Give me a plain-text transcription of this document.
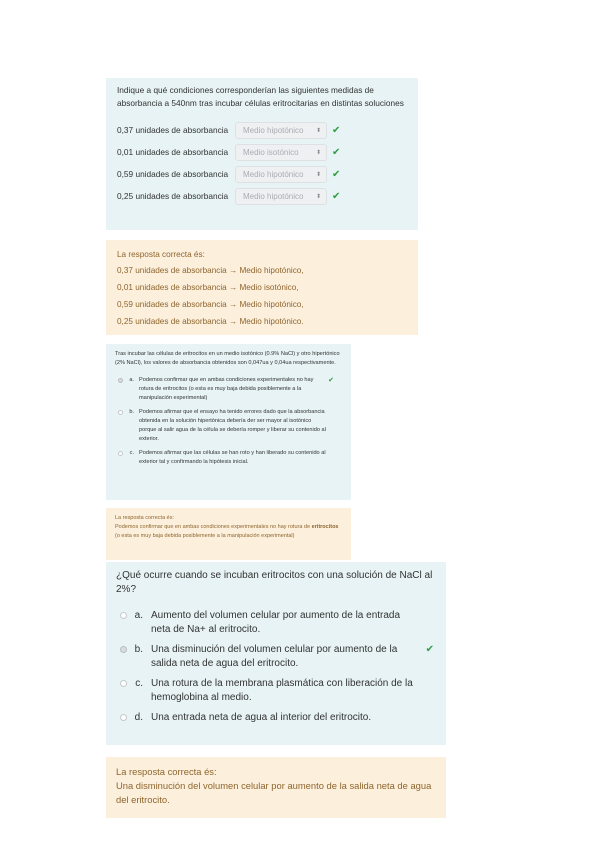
Indique a qué condiciones corresponderían las siguientes medidas de absorbancia a 540nm tras incubar células eritrocitarias en distintas soluciones
0,37 unidades de absorbancia	Medio hipotónico ⬍ ✔
0,01 unidades de absorbancia	Medio isotónico	⬍ ✔
0,59 unidades de absorbancia	Medio hipotónico ⬍ ✔
0,25 unidades de absorbancia	Medio hipotónico ⬍ ✔
La resposta correcta és:
0,37 unidades de absorbancia → Medio hipotónico,
0,01 unidades de absorbancia → Medio isotónico,
0,59 unidades de absorbancia → Medio hipotónico,
0,25 unidades de absorbancia → Medio hipotónico.
Tras incubar las células de eritrocitos en un medio isotónico (0.9% NaCl) y otro hipertónico (2% NaCl), los valores de absorbancia obtenidos son 0,047ua y 0,04ua respectivamente.
a. Podemos confirmar que en ambas condiciones experimentales no hay rotura de eritrocitos (o esta es muy baja debida posiblemente a la manipulación experimental)
✔
b. Podemos afirmar que el ensayo ha tenido errores dado que la absorbancia obtenida en la solución hipertónica debería der ser mayor al isotónico porque al salir agua de la célula se debería romper y liberar su contenido al exterior.
c. Podemos afirmar que las células se han roto y han liberado su contenido al exterior tal y confirmando la hipótesis inicial.
La resposta correcta és:
Podemos confirmar que en ambas condiciones experimentales no hay rotura de eritrocitos (o esta es muy baja debida posiblemente a la manipulación experimental)
¿Qué ocurre cuando se incuban eritrocitos con una solución de NaCl al 2%?
a. Aumento del volumen celular por aumento de la entrada neta de Na+ al eritrocito.
b. Una disminución del volumen celular por aumento de la salida neta de agua del eritrocito.
✔
c. Una rotura de la membrana plasmática con liberación de la hemoglobina al medio.
d. Una entrada neta de agua al interior del eritrocito.
La resposta correcta és:
Una disminución del volumen celular por aumento de la salida neta de agua del eritrocito.
